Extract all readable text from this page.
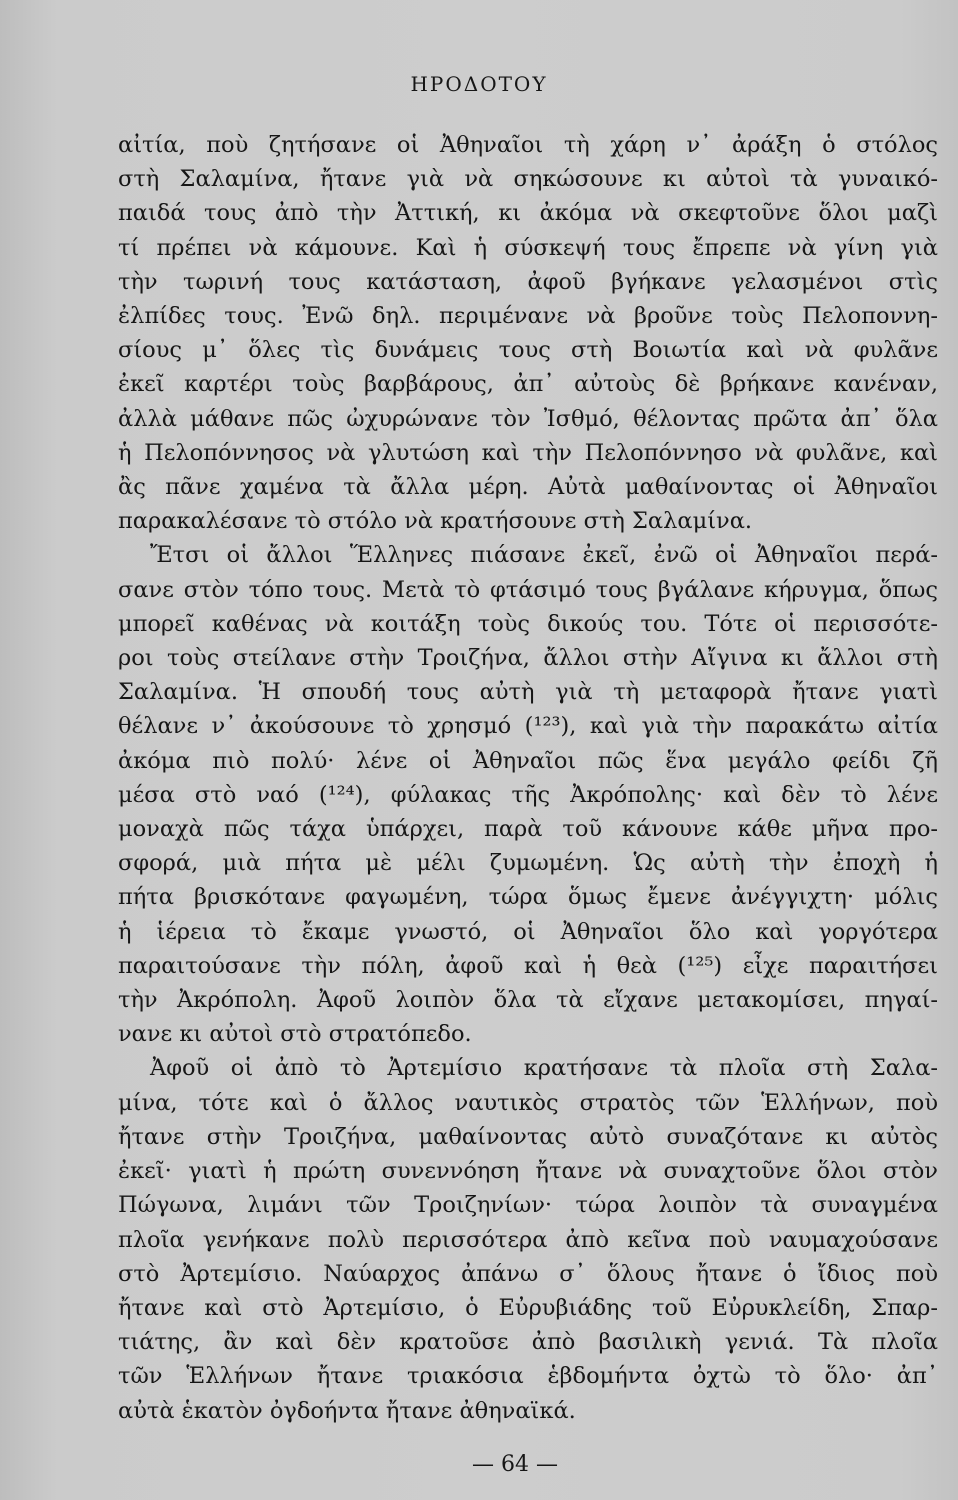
ΗΡΟΔΟΤΟΥ
αἰτία, ποὺ ζητήσανε οἱ Ἀθηναῖοι τὴ χάρη ν᾽ ἀράξη ὁ στόλος
στὴ Σαλαμίνα, ἤτανε γιὰ νὰ σηκώσουνε κι αὐτοὶ τὰ γυναικό-
παιδά τους ἀπὸ τὴν Ἀττική, κι ἀκόμα νὰ σκεφτοῦνε ὅλοι μαζὶ
τί πρέπει νὰ κάμουνε. Καὶ ἡ σύσκεψή τους ἔπρεπε νὰ γίνη γιὰ
τὴν τωρινή τους κατάσταση, ἀφοῦ βγήκανε γελασμένοι στὶς
ἐλπίδες τους. Ἐνῶ δηλ. περιμένανε νὰ βροῦνε τοὺς Πελοποννη-
σίους μ᾽ ὅλες τὶς δυνάμεις τους στὴ Βοιωτία καὶ νὰ φυλᾶνε
ἐκεῖ καρτέρι τοὺς βαρβάρους, ἀπ᾽ αὐτοὺς δὲ βρήκανε κανέναν,
ἀλλὰ μάθανε πῶς ὠχυρώνανε τὸν Ἰσθμό, θέλοντας πρῶτα ἀπ᾽ ὅλα
ἡ Πελοπόννησος νὰ γλυτώση καὶ τὴν Πελοπόννησο νὰ φυλᾶνε, καὶ
ἂς πᾶνε χαμένα τὰ ἄλλα μέρη. Αὐτὰ μαθαίνοντας οἱ Ἀθηναῖοι
παρακαλέσανε τὸ στόλο νὰ κρατήσουνε στὴ Σαλαμίνα.
Ἔτσι οἱ ἄλλοι Ἕλληνες πιάσανε ἐκεῖ, ἐνῶ οἱ Ἀθηναῖοι περά-
σανε στὸν τόπο τους. Μετὰ τὸ φτάσιμό τους βγάλανε κήρυγμα, ὅπως
μπορεῖ καθένας νὰ κοιτάξη τοὺς δικούς του. Τότε οἱ περισσότε-
ροι τοὺς στείλανε στὴν Τροιζήνα, ἄλλοι στὴν Αἴγινα κι ἄλλοι στὴ
Σαλαμίνα. Ἡ σπουδή τους αὐτὴ γιὰ τὴ μεταφορὰ ἤτανε γιατὶ
θέλανε ν᾽ ἀκούσουνε τὸ χρησμό (¹²³), καὶ γιὰ τὴν παρακάτω αἰτία
ἀκόμα πιὸ πολύ· λένε οἱ Ἀθηναῖοι πῶς ἕνα μεγάλο φείδι ζῆ
μέσα στὸ ναό (¹²⁴), φύλακας τῆς Ἀκρόπολης· καὶ δὲν τὸ λένε
μοναχὰ πῶς τάχα ὑπάρχει, παρὰ τοῦ κάνουνε κάθε μῆνα προ-
σφορά, μιὰ πήτα μὲ μέλι ζυμωμένη. Ὡς αὐτὴ τὴν ἐποχὴ ἡ
πήτα βρισκότανε φαγωμένη, τώρα ὅμως ἔμενε ἀνέγγιχτη· μόλις
ἡ ἱέρεια τὸ ἔκαμε γνωστό, οἱ Ἀθηναῖοι ὅλο καὶ γοργότερα
παραιτούσανε τὴν πόλη, ἀφοῦ καὶ ἡ θεὰ (¹²⁵) εἶχε παραιτήσει
τὴν Ἀκρόπολη. Ἀφοῦ λοιπὸν ὅλα τὰ εἴχανε μετακομίσει, πηγαί-
νανε κι αὐτοὶ στὸ στρατόπεδο.
Ἀφοῦ οἱ ἀπὸ τὸ Ἀρτεμίσιο κρατήσανε τὰ πλοῖα στὴ Σαλα-
μίνα, τότε καὶ ὁ ἄλλος ναυτικὸς στρατὸς τῶν Ἑλλήνων, ποὺ
ἤτανε στὴν Τροιζήνα, μαθαίνοντας αὐτὸ συναζότανε κι αὐτὸς
ἐκεῖ· γιατὶ ἡ πρώτη συνεννόηση ἤτανε νὰ συναχτοῦνε ὅλοι στὸν
Πώγωνα, λιμάνι τῶν Τροιζηνίων· τώρα λοιπὸν τὰ συναγμένα
πλοῖα γενήκανε πολὺ περισσότερα ἀπὸ κεῖνα ποὺ ναυμαχούσανε
στὸ Ἀρτεμίσιο. Ναύαρχος ἀπάνω σ᾽ ὅλους ἤτανε ὁ ἴδιος ποὺ
ἤτανε καὶ στὸ Ἀρτεμίσιο, ὁ Εὐρυβιάδης τοῦ Εὐρυκλείδη, Σπαρ-
τιάτης, ἂν καὶ δὲν κρατοῦσε ἀπὸ βασιλικὴ γενιά. Τὰ πλοῖα
τῶν Ἑλλήνων ἤτανε τριακόσια ἑβδομήντα ὀχτὼ τὸ ὅλο· ἀπ᾽
αὐτὰ ἑκατὸν ὀγδοήντα ἤτανε ἀθηναϊκά.
— 64 —
